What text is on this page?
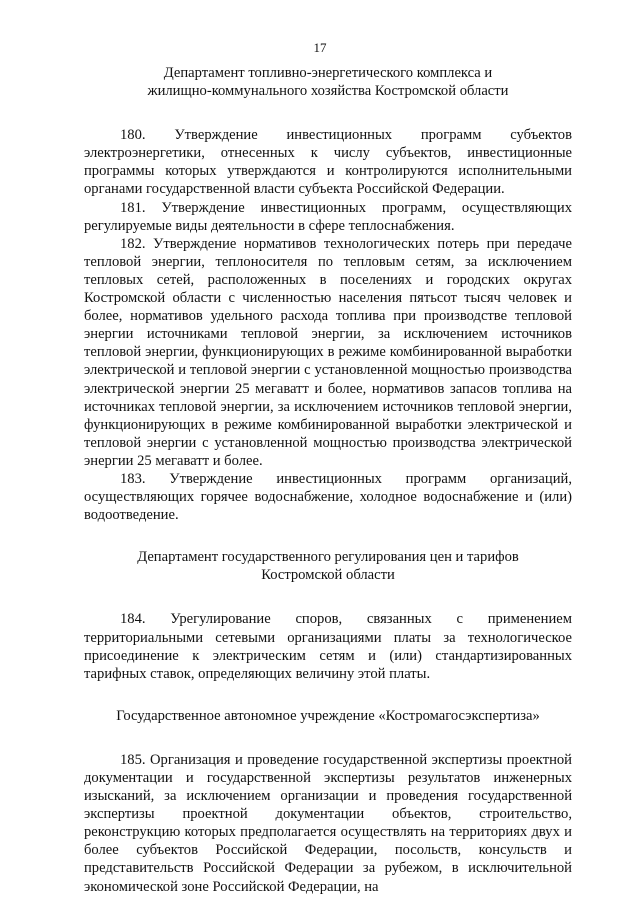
17

Департамент топливно-энергетического комплекса и
жилищно-коммунального хозяйства Костромской области

180. Утверждение инвестиционных программ субъектов электроэнергетики, отнесенных к числу субъектов, инвестиционные программы которых утверждаются и контролируются исполнительными органами государственной власти субъекта Российской Федерации.

181. Утверждение инвестиционных программ, осуществляющих регулируемые виды деятельности в сфере теплоснабжения.

182. Утверждение нормативов технологических потерь при передаче тепловой энергии, теплоносителя по тепловым сетям, за исключением тепловых сетей, расположенных в поселениях и городских округах Костромской области с численностью населения пятьсот тысяч человек и более, нормативов удельного расхода топлива при производстве тепловой энергии источниками тепловой энергии, за исключением источников тепловой энергии, функционирующих в режиме комбинированной выработки электрической и тепловой энергии с установленной мощностью производства электрической энергии 25 мегаватт и более, нормативов запасов топлива на источниках тепловой энергии, за исключением источников тепловой энергии, функционирующих в режиме комбинированной выработки электрической и тепловой энергии с установленной мощностью производства электрической энергии 25 мегаватт и более.

183. Утверждение инвестиционных программ организаций, осуществляющих горячее водоснабжение, холодное водоснабжение и (или) водоотведение.

Департамент государственного регулирования цен и тарифов
Костромской области

184. Урегулирование споров, связанных с применением территориальными сетевыми организациями платы за технологическое присоединение к электрическим сетям и (или) стандартизированных тарифных ставок, определяющих величину этой платы.

Государственное автономное учреждение «Костромагосэкспертиза»

185. Организация и проведение государственной экспертизы проектной документации и государственной экспертизы результатов инженерных изысканий, за исключением организации и проведения государственной экспертизы проектной документации объектов, строительство, реконструкцию которых предполагается осуществлять на территориях двух и более субъектов Российской Федерации, посольств, консульств и представительств Российской Федерации за рубежом, в исключительной экономической зоне Российской Федерации, на
